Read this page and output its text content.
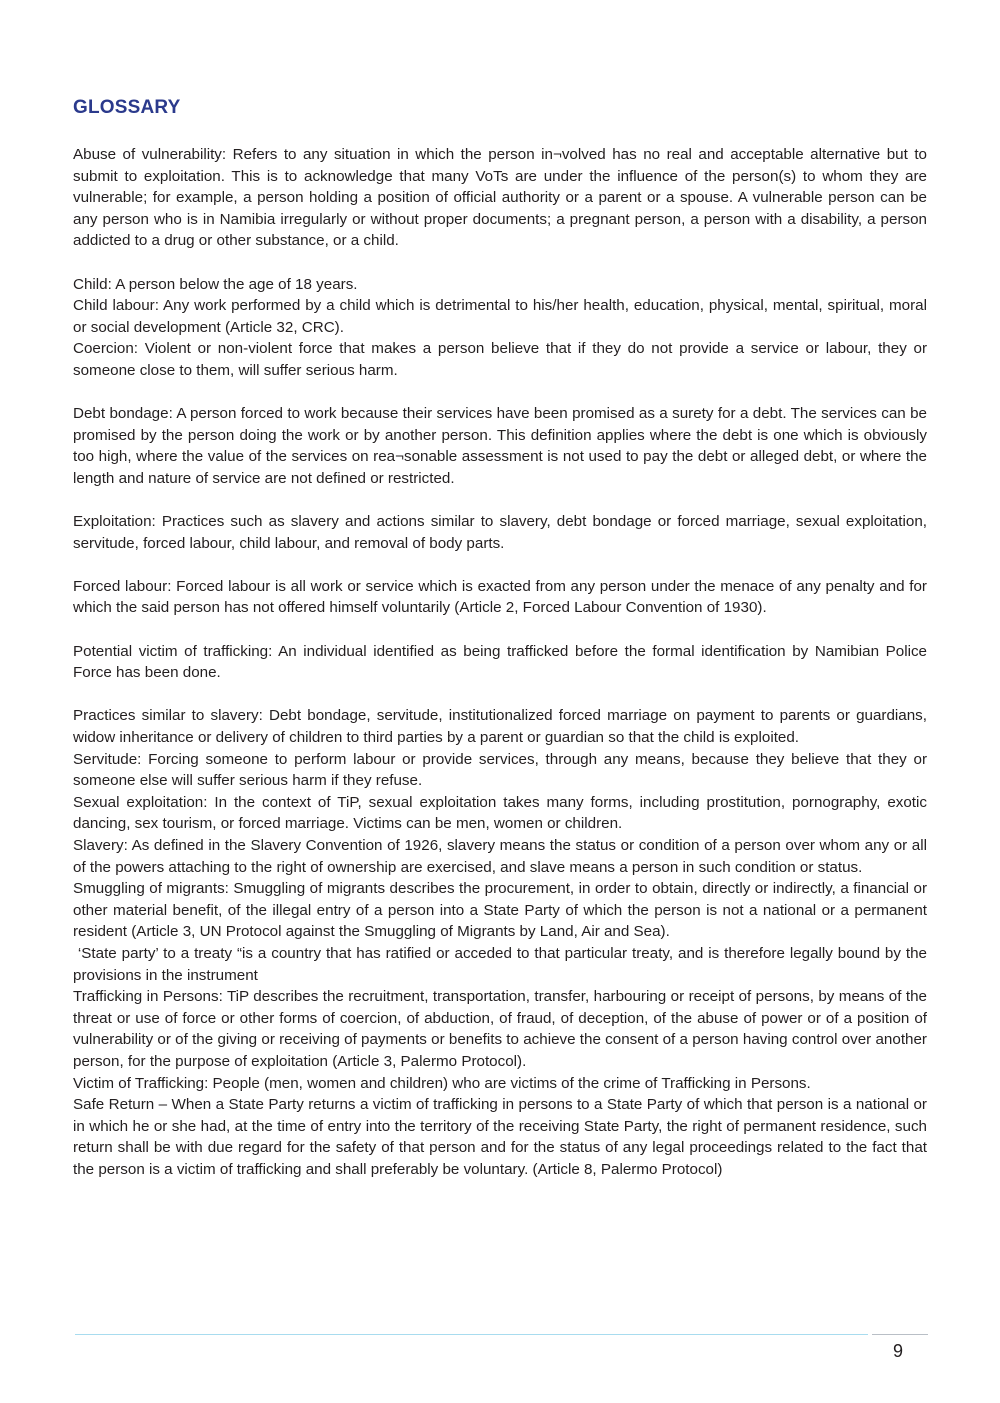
GLOSSARY

Abuse of vulnerability: Refers to any situation in which the person in¬volved has no real and acceptable alternative but to submit to exploitation. This is to acknowledge that many VoTs are under the influence of the person(s) to whom they are vulnerable; for example, a person holding a position of official authority or a parent or a spouse. A vulnerable person can be any person who is in Namibia irregularly or without proper documents; a pregnant person, a person with a disability, a person addicted to a drug or other substance, or a child.

Child: A person below the age of 18 years.

Child labour: Any work performed by a child which is detrimental to his/her health, education, physical, mental, spiritual, moral or social development (Article 32, CRC).

Coercion: Violent or non-violent force that makes a person believe that if they do not provide a service or labour, they or someone close to them, will suffer serious harm.

Debt bondage: A person forced to work because their services have been promised as a surety for a debt. The services can be promised by the person doing the work or by another person. This definition applies where the debt is one which is obviously too high, where the value of the services on rea¬sonable assessment is not used to pay the debt or alleged debt, or where the length and nature of service are not defined or restricted.

Exploitation: Practices such as slavery and actions similar to slavery, debt bondage or forced marriage, sexual exploitation, servitude, forced labour, child labour, and removal of body parts.

Forced labour: Forced labour is all work or service which is exacted from any person under the menace of any penalty and for which the said person has not offered himself voluntarily (Article 2, Forced Labour Convention of 1930).

Potential victim of trafficking: An individual identified as being trafficked before the formal identification by Namibian Police Force has been done.

Practices similar to slavery: Debt bondage, servitude, institutionalized forced marriage on payment to parents or guardians, widow inheritance or delivery of children to third parties by a parent or guardian so that the child is exploited.

Servitude: Forcing someone to perform labour or provide services, through any means, because they believe that they or someone else will suffer serious harm if they refuse.

Sexual exploitation: In the context of TiP, sexual exploitation takes many forms, including prostitution, pornography, exotic dancing, sex tourism, or forced marriage. Victims can be men, women or children.

Slavery: As defined in the Slavery Convention of 1926, slavery means the status or condition of a person over whom any or all of the powers attaching to the right of ownership are exercised, and slave means a person in such condition or status.

Smuggling of migrants: Smuggling of migrants describes the procurement, in order to obtain, directly or indirectly, a financial or other material benefit, of the illegal entry of a person into a State Party of which the person is not a national or a permanent resident (Article 3, UN Protocol against the Smuggling of Migrants by Land, Air and Sea).

‘State party’ to a treaty “is a country that has ratified or acceded to that particular treaty, and is therefore legally bound by the provisions in the instrument

Trafficking in Persons: TiP describes the recruitment, transportation, transfer, harbouring or receipt of persons, by means of the threat or use of force or other forms of coercion, of abduction, of fraud, of deception, of the abuse of power or of a position of vulnerability or of the giving or receiving of payments or benefits to achieve the consent of a person having control over another person, for the purpose of exploitation (Article 3, Palermo Protocol).

Victim of Trafficking: People (men, women and children) who are victims of the crime of Trafficking in Persons.

Safe Return – When a State Party returns a victim of trafficking in persons to a State Party of which that person is a national or in which he or she had, at the time of entry into the territory of the receiving State Party, the right of permanent residence, such return shall be with due regard for the safety of that person and for the status of any legal proceedings related to the fact that the person is a victim of trafficking and shall preferably be voluntary. (Article 8, Palermo Protocol)

9
